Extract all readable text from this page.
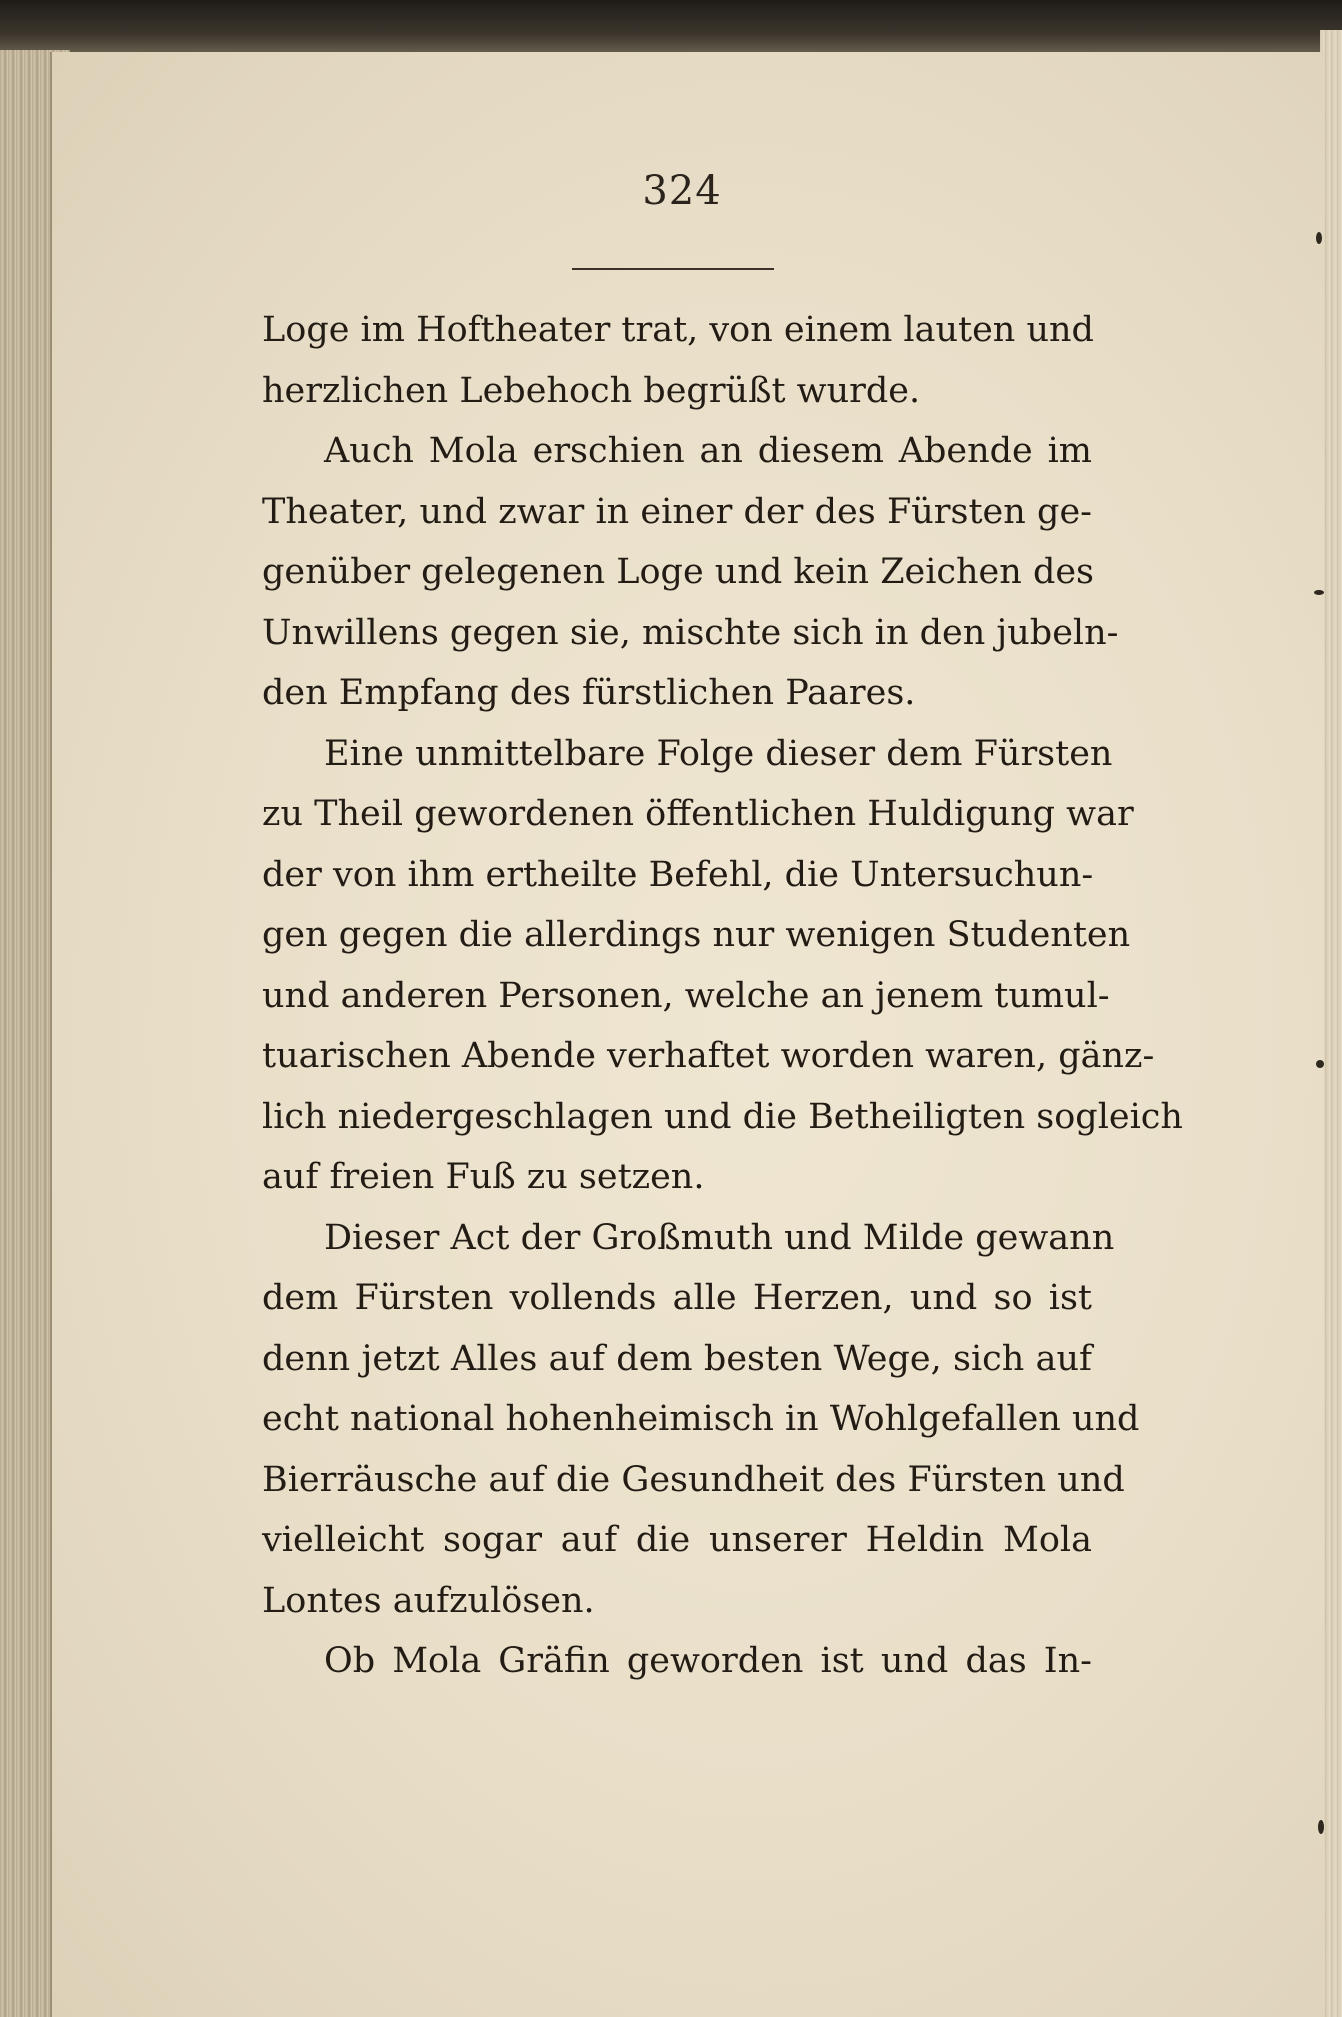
324
Loge im Hoftheater trat, von einem lauten und
herzlichen Lebehoch begrüßt wurde.
Auch Mola erschien an diesem Abende im
Theater, und zwar in einer der des Fürsten ge-
genüber gelegenen Loge und kein Zeichen des
Unwillens gegen sie, mischte sich in den jubeln-
den Empfang des fürstlichen Paares.
Eine unmittelbare Folge dieser dem Fürsten
zu Theil gewordenen öffentlichen Huldigung war
der von ihm ertheilte Befehl, die Untersuchun-
gen gegen die allerdings nur wenigen Studenten
und anderen Personen, welche an jenem tumul-
tuarischen Abende verhaftet worden waren, gänz-
lich niedergeschlagen und die Betheiligten sogleich
auf freien Fuß zu setzen.
Dieser Act der Großmuth und Milde gewann
dem Fürsten vollends alle Herzen, und so ist
denn jetzt Alles auf dem besten Wege, sich auf
echt national hohenheimisch in Wohlgefallen und
Bierräusche auf die Gesundheit des Fürsten und
vielleicht sogar auf die unserer Heldin Mola
Lontes aufzulösen.
Ob Mola Gräfin geworden ist und das In-
